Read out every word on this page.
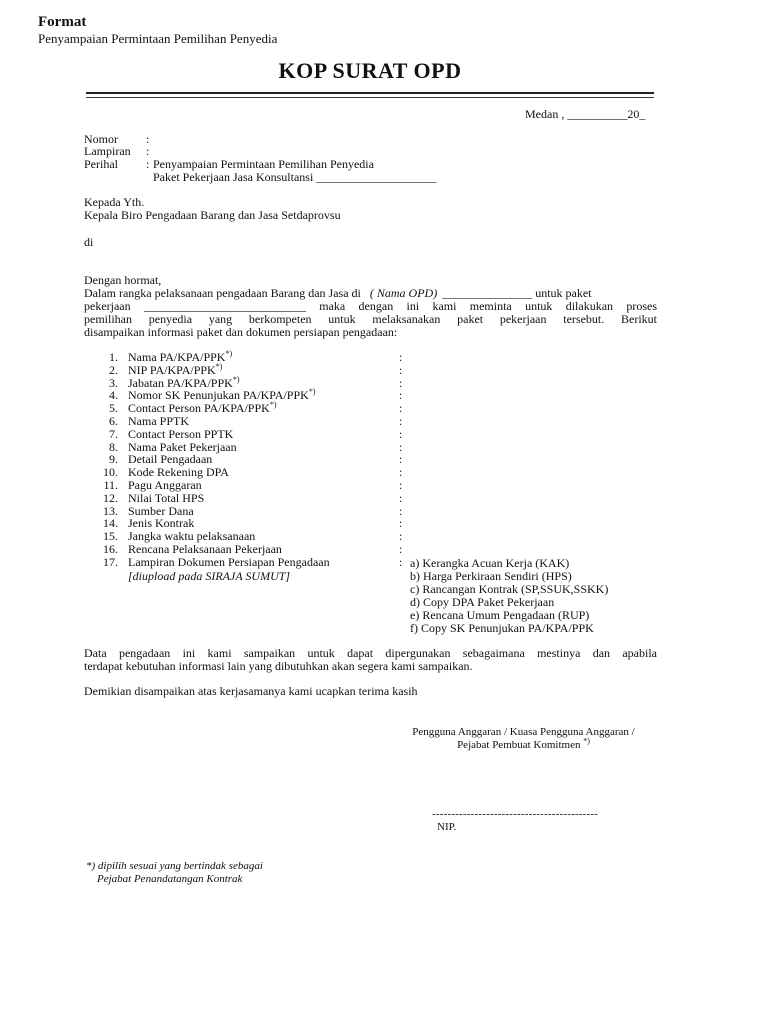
Format
Penyampaian Permintaan Pemilihan Penyedia
KOP SURAT OPD
Medan , __________20_
Nomor :
Lampiran :
Perihal : Penyampaian Permintaan Pemilihan Penyedia
Paket Pekerjaan Jasa Konsultansi ____________________
Kepada Yth.
Kepala Biro Pengadaan Barang dan Jasa Setdaprovsu
di
Dengan hormat,
Dalam rangka pelaksanaan pengadaan Barang dan Jasa di ( Nama OPD) _______________ untuk paket
pekerjaan ___________________________ maka dengan ini kami meminta untuk dilakukan proses
pemilihan penyedia yang berkompeten untuk melaksanakan paket pekerjaan tersebut. Berikut
disampaikan informasi paket dan dokumen persiapan pengadaan:
1. Nama PA/KPA/PPK*)	:
2. NIP PA/KPA/PPK*)	:
3. Jabatan PA/KPA/PPK*)	:
4. Nomor SK Penunjukan PA/KPA/PPK*)	:
5. Contact Person PA/KPA/PPK*)	:
6. Nama PPTK	:
7. Contact Person PPTK	:
8. Nama Paket Pekerjaan	:
9. Detail Pengadaan	:
10. Kode Rekening DPA	:
11. Pagu Anggaran	:
12. Nilai Total HPS	:
13. Sumber Dana	:
14. Jenis Kontrak	:
15. Jangka waktu pelaksanaan	:
16. Rencana Pelaksanaan Pekerjaan	:
17. Lampiran Dokumen Persiapan Pengadaan	:
[diupload pada SIRAJA SUMUT]
a) Kerangka Acuan Kerja (KAK)
b) Harga Perkiraan Sendiri (HPS)
c) Rancangan Kontrak (SP,SSUK,SSKK)
d) Copy DPA Paket Pekerjaan
e) Rencana Umum Pengadaan (RUP)
f) Copy SK Penunjukan PA/KPA/PPK
Data pengadaan ini kami sampaikan untuk dapat dipergunakan sebagaimana mestinya dan apabila
terdapat kebutuhan informasi lain yang dibutuhkan akan segera kami sampaikan.
Demikian disampaikan atas kerjasamanya kami ucapkan terima kasih
Pengguna Anggaran / Kuasa Pengguna Anggaran /
Pejabat Pembuat Komitmen *)
-------------------------------------------
NIP.
*) dipilih sesuai yang bertindak sebagai
Pejabat Penandatangan Kontrak
